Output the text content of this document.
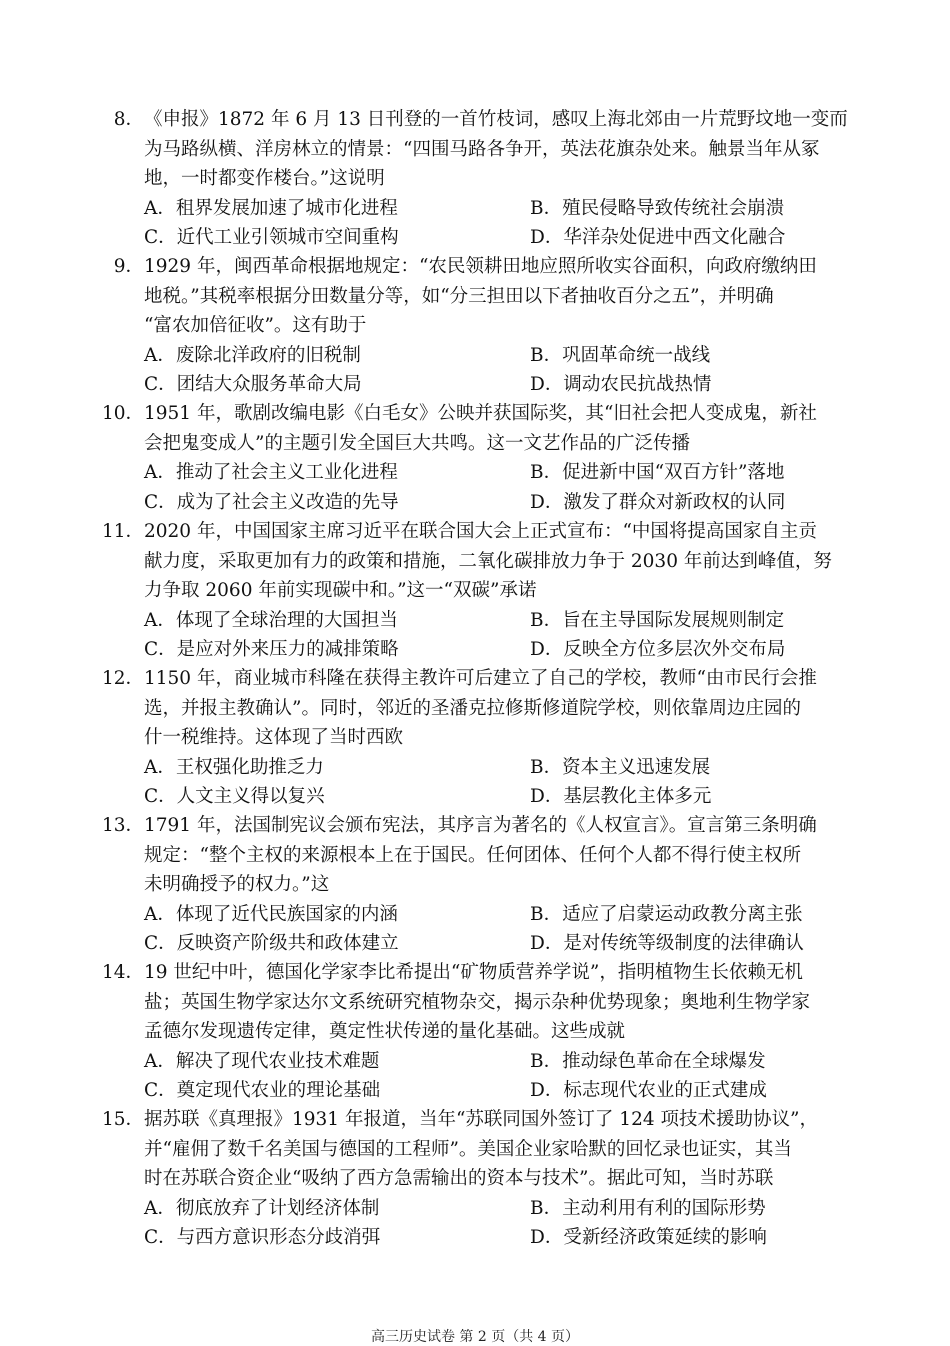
8．《申报》1872 年 6 月 13 日刊登的一首竹枝词，感叹上海北郊由一片荒野坟地一变而
为马路纵横、洋房林立的情景：“四围马路各争开，英法花旗杂处来。触景当年从冢
地，一时都变作楼台。”这说明
A．租界发展加速了城市化进程	B．殖民侵略导致传统社会崩溃
C．近代工业引领城市空间重构	D．华洋杂处促进中西文化融合
9．1929 年，闽西革命根据地规定：“农民领耕田地应照所收实谷面积，向政府缴纳田
地税。”其税率根据分田数量分等，如“分三担田以下者抽收百分之五”，并明确
“富农加倍征收”。这有助于
A．废除北洋政府的旧税制	B．巩固革命统一战线
C．团结大众服务革命大局	D．调动农民抗战热情
10．1951 年，歌剧改编电影《白毛女》公映并获国际奖，其“旧社会把人变成鬼，新社
会把鬼变成人”的主题引发全国巨大共鸣。这一文艺作品的广泛传播
A．推动了社会主义工业化进程	B．促进新中国“双百方针”落地
C．成为了社会主义改造的先导	D．激发了群众对新政权的认同
11．2020 年，中国国家主席习近平在联合国大会上正式宣布：“中国将提高国家自主贡
献力度，采取更加有力的政策和措施，二氧化碳排放力争于 2030 年前达到峰值，努
力争取 2060 年前实现碳中和。”这一“双碳”承诺
A．体现了全球治理的大国担当	B．旨在主导国际发展规则制定
C．是应对外来压力的减排策略	D．反映全方位多层次外交布局
12．1150 年，商业城市科隆在获得主教许可后建立了自己的学校，教师“由市民行会推
选，并报主教确认”。同时，邻近的圣潘克拉修斯修道院学校，则依靠周边庄园的
什一税维持。这体现了当时西欧
A．王权强化助推乏力	B．资本主义迅速发展
C．人文主义得以复兴	D．基层教化主体多元
13．1791 年，法国制宪议会颁布宪法，其序言为著名的《人权宣言》。宣言第三条明确
规定：“整个主权的来源根本上在于国民。任何团体、任何个人都不得行使主权所
未明确授予的权力。”这
A．体现了近代民族国家的内涵	B．适应了启蒙运动政教分离主张
C．反映资产阶级共和政体建立	D．是对传统等级制度的法律确认
14．19 世纪中叶，德国化学家李比希提出“矿物质营养学说”，指明植物生长依赖无机
盐；英国生物学家达尔文系统研究植物杂交，揭示杂种优势现象；奥地利生物学家
孟德尔发现遗传定律，奠定性状传递的量化基础。这些成就
A．解决了现代农业技术难题	B．推动绿色革命在全球爆发
C．奠定现代农业的理论基础	D．标志现代农业的正式建成
15．据苏联《真理报》1931 年报道，当年“苏联同国外签订了 124 项技术援助协议”，
并“雇佣了数千名美国与德国的工程师”。美国企业家哈默的回忆录也证实，其当
时在苏联合资企业“吸纳了西方急需输出的资本与技术”。据此可知，当时苏联
A．彻底放弃了计划经济体制	B．主动利用有利的国际形势
C．与西方意识形态分歧消弭	D．受新经济政策延续的影响
高三历史试卷 第 2 页（共 4 页）
